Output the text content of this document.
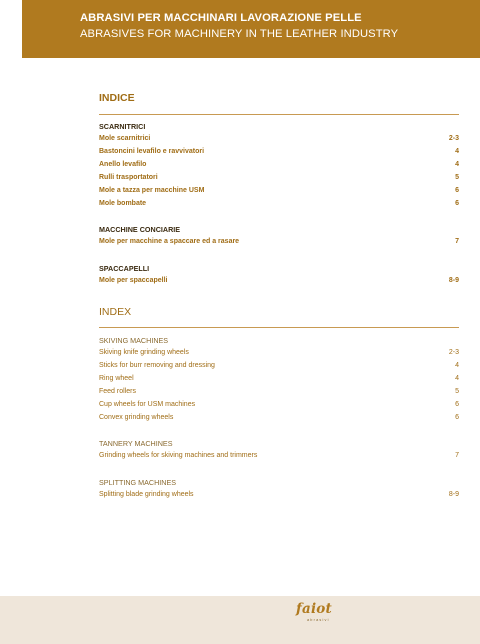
ABRASIVI PER MACCHINARI LAVORAZIONE PELLE
ABRASIVES FOR MACHINERY IN THE LEATHER INDUSTRY
INDICE
SCARNITRICI
Mole scarnitrici	2-3
Bastoncini levafilo e ravvivatori	4
Anello levafilo	4
Rulli trasportatori	5
Mole a tazza per macchine USM	6
Mole bombate	6
MACCHINE CONCIARIE
Mole per macchine a spaccare ed a rasare	7
SPACCAPELLI
Mole per spaccapelli	8-9
INDEX
SKIVING MACHINES
Skiving knife grinding wheels	2-3
Sticks for burr removing and dressing	4
Ring wheel	4
Feed rollers	5
Cup wheels for USM machines	6
Convex grinding wheels	6
TANNERY MACHINES
Grinding wheels for skiving machines and trimmers	7
SPLITTING MACHINES
Splitting blade grinding wheels	8-9
faiot
abrasivi
